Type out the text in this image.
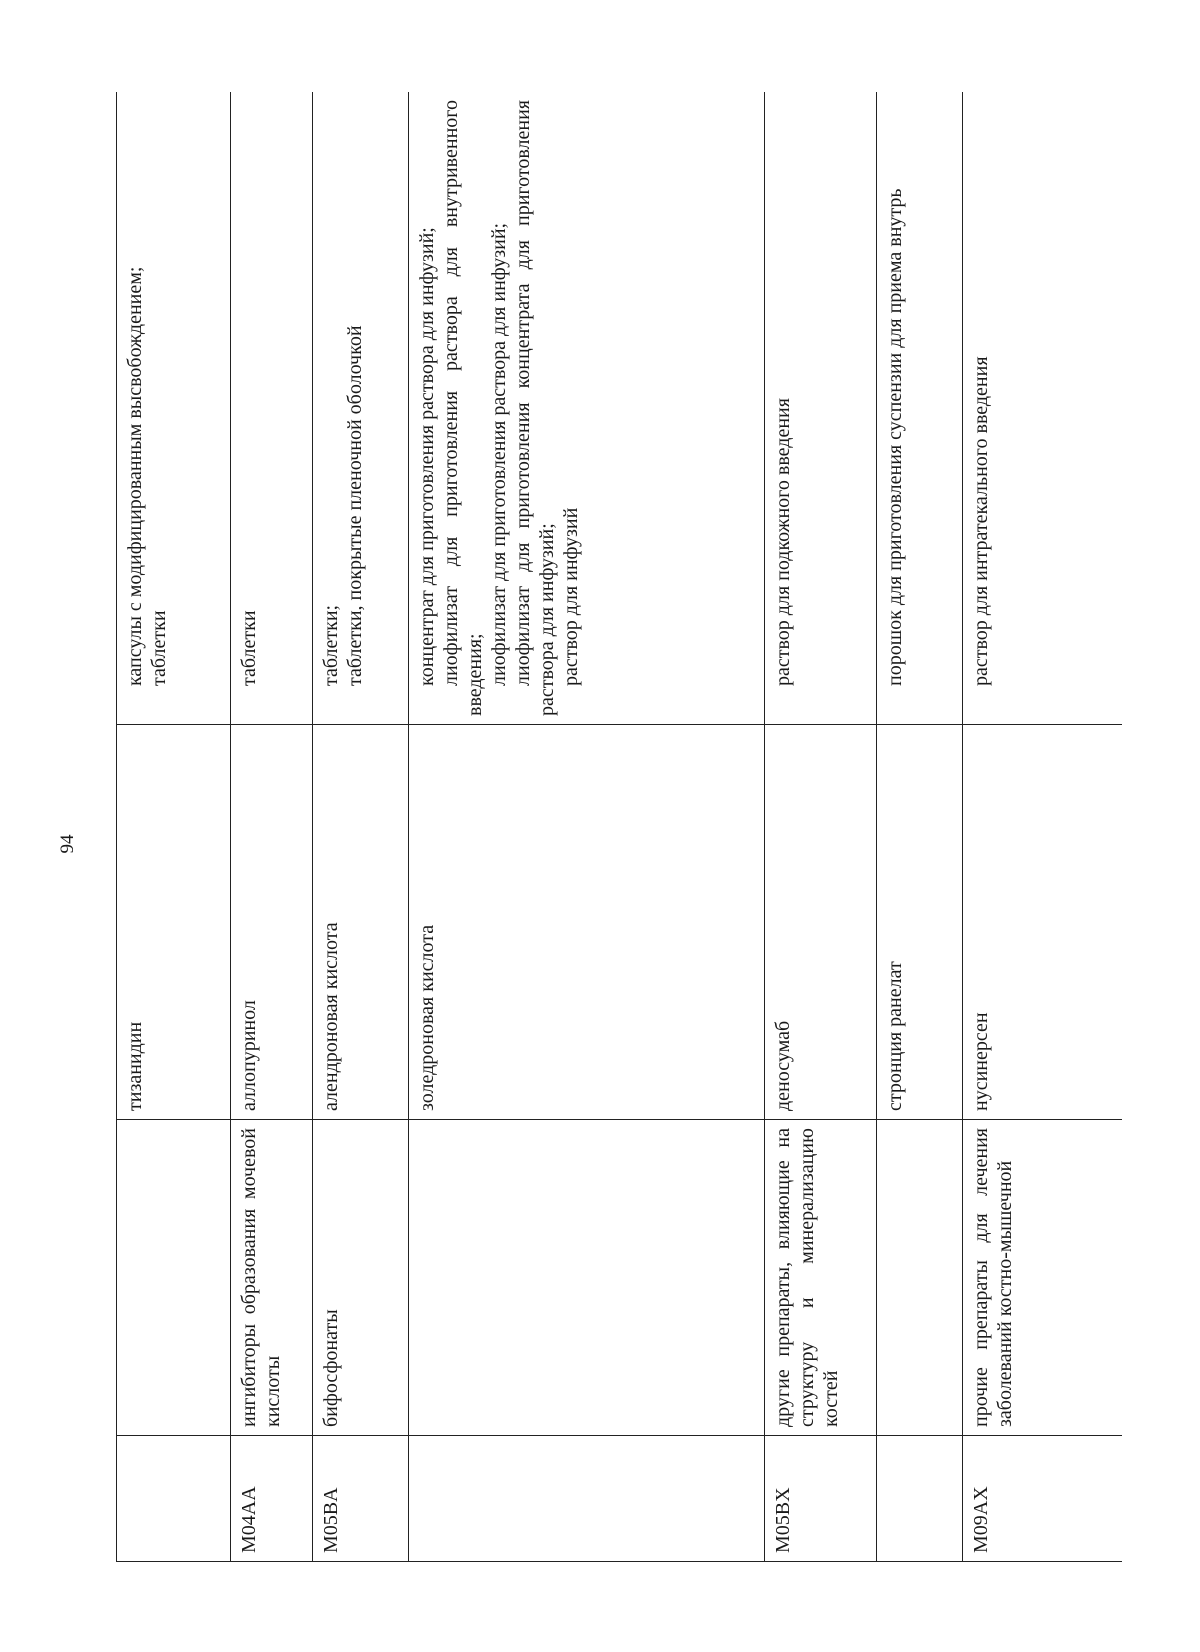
94
		тизанидин	капсулы с модифицированным высвобождением; таблетки

M04AA	ингибиторы образования мочевой кислоты	аллопуринол	таблетки

M05BA	бифосфонаты	алендроновая кислота	таблетки; таблетки, покрытые пленочной оболочкой

		золедроновая кислота	концентрат для приготовления раствора для инфузий; лиофилизат для приготовления раствора для внутривенного введения; лиофилизат для приготовления раствора для инфузий; лиофилизат для приготовления концентрата для приготовления раствора для инфузий; раствор для инфузий

M05BX	другие препараты, влияющие на структуру и минерализацию костей	деносумаб	раствор для подкожного введения

		стронция ранелат	порошок для приготовления суспензии для приема внутрь

M09AX	прочие препараты для лечения заболеваний костно-мышечной	нусинерсен	раствор для интратекального введения
